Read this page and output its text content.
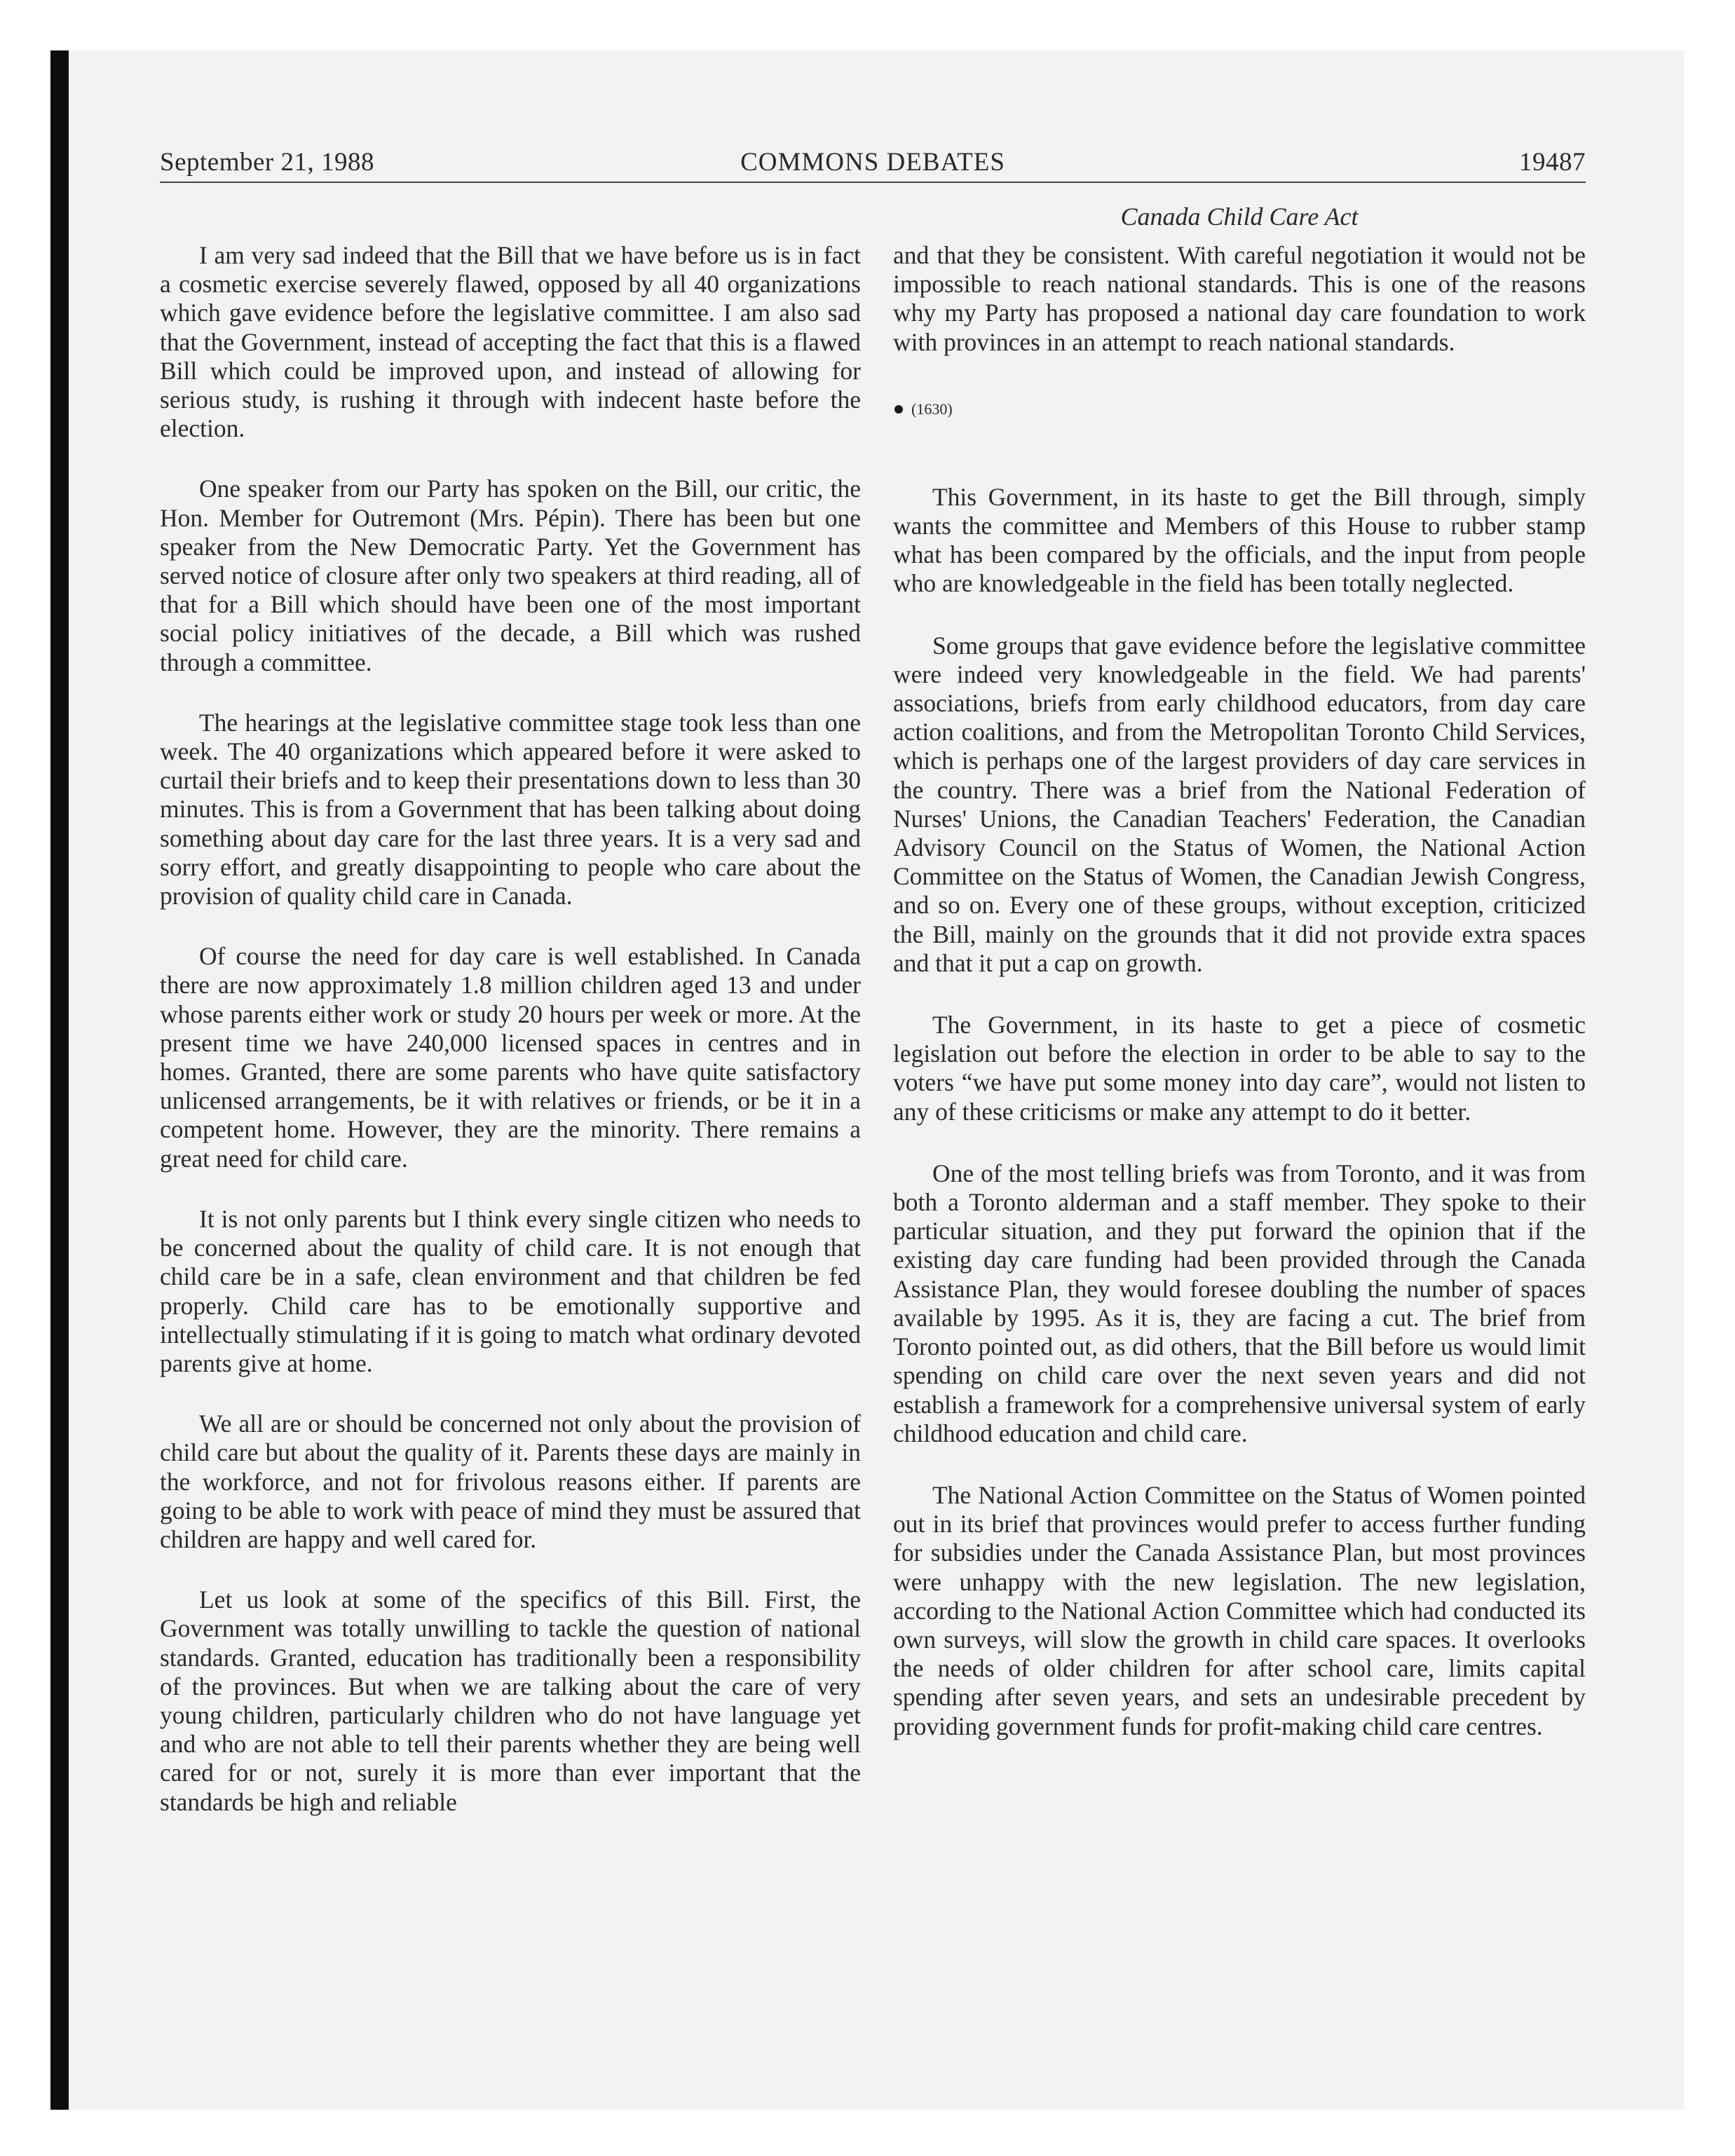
September 21, 1988	COMMONS DEBATES	19487
Canada Child Care Act

I am very sad indeed that the Bill that we have before us is in fact a cosmetic exercise severely flawed, opposed by all 40 organizations which gave evidence before the legislative committee. I am also sad that the Government, instead of accepting the fact that this is a flawed Bill which could be improved upon, and instead of allowing for serious study, is rushing it through with indecent haste before the election.

One speaker from our Party has spoken on the Bill, our critic, the Hon. Member for Outremont (Mrs. Pépin). There has been but one speaker from the New Democratic Party. Yet the Government has served notice of closure after only two speakers at third reading, all of that for a Bill which should have been one of the most important social policy initiatives of the decade, a Bill which was rushed through a committee.

The hearings at the legislative committee stage took less than one week. The 40 organizations which appeared before it were asked to curtail their briefs and to keep their presentations down to less than 30 minutes. This is from a Government that has been talking about doing something about day care for the last three years. It is a very sad and sorry effort, and greatly disappointing to people who care about the provision of quality child care in Canada.

Of course the need for day care is well established. In Canada there are now approximately 1.8 million children aged 13 and under whose parents either work or study 20 hours per week or more. At the present time we have 240,000 licensed spaces in centres and in homes. Granted, there are some parents who have quite satisfactory unlicensed arrangements, be it with relatives or friends, or be it in a competent home. However, they are the minority. There remains a great need for child care.

It is not only parents but I think every single citizen who needs to be concerned about the quality of child care. It is not enough that child care be in a safe, clean environment and that children be fed properly. Child care has to be emotionally supportive and intellectually stimulating if it is going to match what ordinary devoted parents give at home.

We all are or should be concerned not only about the provision of child care but about the quality of it. Parents these days are mainly in the workforce, and not for frivolous reasons either. If parents are going to be able to work with peace of mind they must be assured that children are happy and well cared for.

Let us look at some of the specifics of this Bill. First, the Government was totally unwilling to tackle the question of national standards. Granted, education has traditionally been a responsibility of the provinces. But when we are talking about the care of very young children, particularly children who do not have language yet and who are not able to tell their parents whether they are being well cared for or not, surely it is more than ever important that the standards be high and reliable

and that they be consistent. With careful negotiation it would not be impossible to reach national standards. This is one of the reasons why my Party has proposed a national day care foundation to work with provinces in an attempt to reach national standards.

(1630)

This Government, in its haste to get the Bill through, simply wants the committee and Members of this House to rubber stamp what has been compared by the officials, and the input from people who are knowledgeable in the field has been totally neglected.

Some groups that gave evidence before the legislative committee were indeed very knowledgeable in the field. We had parents' associations, briefs from early childhood educators, from day care action coalitions, and from the Metropolitan Toronto Child Services, which is perhaps one of the largest providers of day care services in the country. There was a brief from the National Federation of Nurses' Unions, the Canadian Teachers' Federation, the Canadian Advisory Council on the Status of Women, the National Action Committee on the Status of Women, the Canadian Jewish Congress, and so on. Every one of these groups, without exception, criticized the Bill, mainly on the grounds that it did not provide extra spaces and that it put a cap on growth.

The Government, in its haste to get a piece of cosmetic legislation out before the election in order to be able to say to the voters “we have put some money into day care”, would not listen to any of these criticisms or make any attempt to do it better.

One of the most telling briefs was from Toronto, and it was from both a Toronto alderman and a staff member. They spoke to their particular situation, and they put forward the opinion that if the existing day care funding had been provided through the Canada Assistance Plan, they would foresee doubling the number of spaces available by 1995. As it is, they are facing a cut. The brief from Toronto pointed out, as did others, that the Bill before us would limit spending on child care over the next seven years and did not establish a framework for a comprehensive universal system of early childhood education and child care.

The National Action Committee on the Status of Women pointed out in its brief that provinces would prefer to access further funding for subsidies under the Canada Assistance Plan, but most provinces were unhappy with the new legislation. The new legislation, according to the National Action Committee which had conducted its own surveys, will slow the growth in child care spaces. It overlooks the needs of older children for after school care, limits capital spending after seven years, and sets an undesirable precedent by providing government funds for profit-making child care centres.
